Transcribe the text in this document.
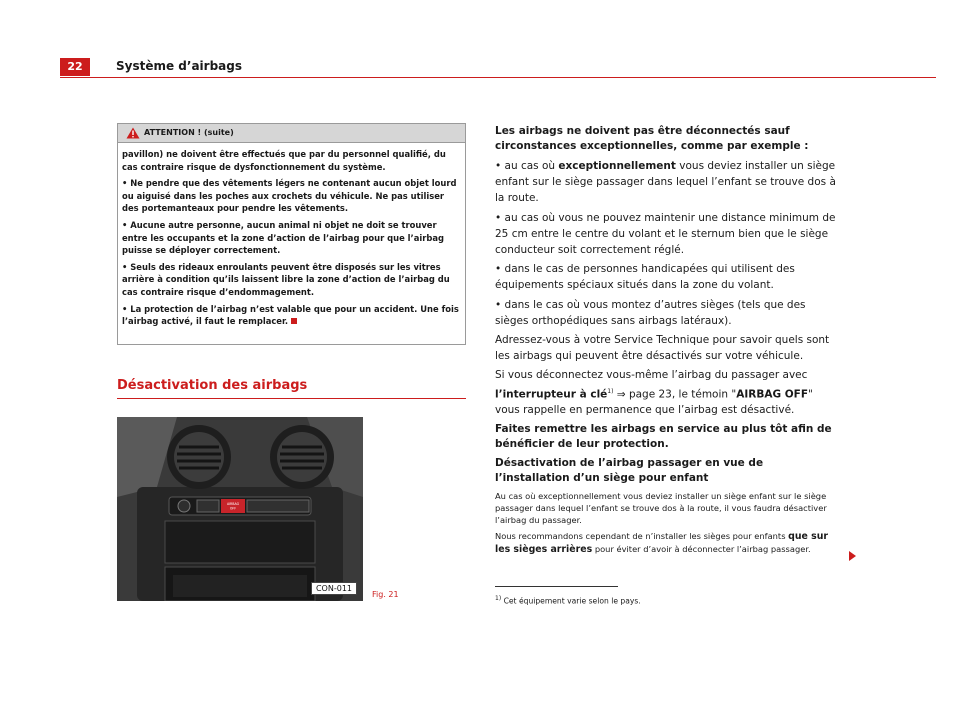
22	Système d’airbags
ATTENTION ! (suite)

pavillon) ne doivent être effectués que par du personnel qualifié, du cas contraire risque de dysfonctionnement du système.

• Ne pendre que des vêtements légers ne contenant aucun objet lourd ou aiguisé dans les poches aux crochets du véhicule. Ne pas utiliser des portemanteaux pour pendre les vêtements.

• Aucune autre personne, aucun animal ni objet ne doit se trouver entre les occupants et la zone d’action de l’airbag pour que l’airbag puisse se déployer correctement.

• Seuls des rideaux enroulants peuvent être disposés sur les vitres arrière à condition qu’ils laissent libre la zone d’action de l’airbag du cas contraire risque d’endommagement.

• La protection de l’airbag n’est valable que pour un accident. Une fois l’airbag activé, il faut le remplacer.

Désactivation des airbags
AIRBAG
OFF
CON-011
Fig. 21

Les airbags ne doivent pas être déconnectés sauf circonstances exceptionnelles, comme par exemple :

• au cas où exceptionnellement vous deviez installer un siège enfant sur le siège passager dans lequel l’enfant se trouve dos à la route.

• au cas où vous ne pouvez maintenir une distance minimum de 25 cm entre le centre du volant et le sternum bien que le siège conducteur soit correctement réglé.

• dans le cas de personnes handicapées qui utilisent des équipements spéciaux situés dans la zone du volant.

• dans le cas où vous montez d’autres sièges (tels que des sièges orthopédiques sans airbags latéraux).

Adressez-vous à votre Service Technique pour savoir quels sont les airbags qui peuvent être désactivés sur votre véhicule.

Si vous déconnectez vous-même l’airbag du passager avec l’interrupteur à clé$^{1)}$ ⇒ page 23, le témoin "AIRBAG OFF" vous rappelle en permanence que l’airbag est désactivé.

Faites remettre les airbags en service au plus tôt afin de bénéficier de leur protection.

Désactivation de l’airbag passager en vue de l’installation d’un siège pour enfant

Au cas où exceptionnellement vous deviez installer un siège enfant sur le siège passager dans lequel l’enfant se trouve dos à la route, il vous faudra désactiver l’airbag du passager.

Nous recommandons cependant de n’installer les sièges pour enfants que sur les sièges arrières pour éviter d’avoir à déconnecter l’airbag passager.

$^{1)}$ Cet équipement varie selon le pays.
